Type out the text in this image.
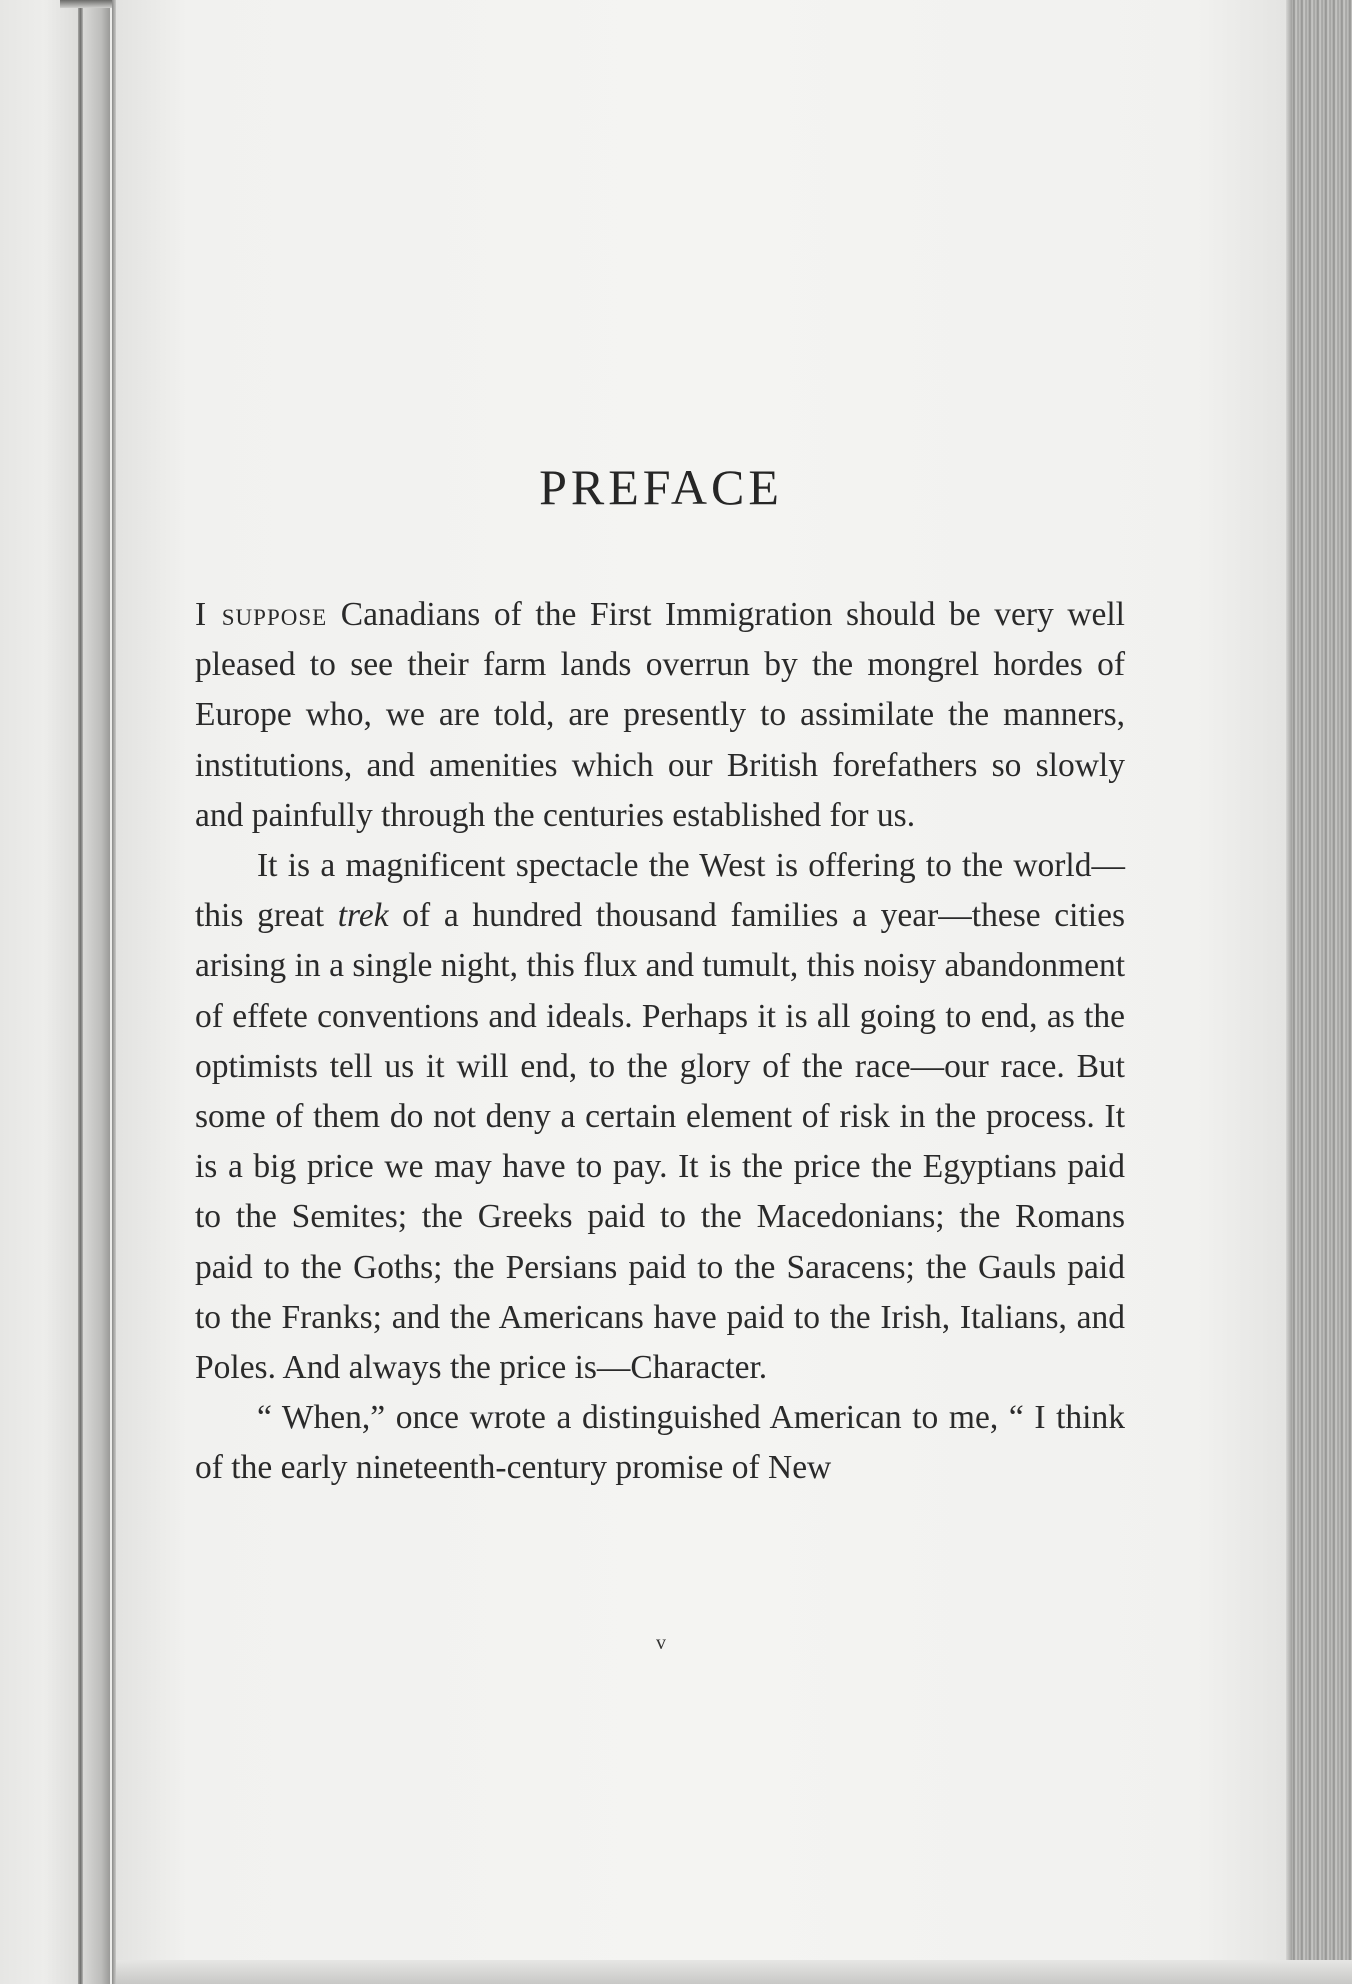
PREFACE

I suppose Canadians of the First Immigration should be very well pleased to see their farm lands overrun by the mongrel hordes of Europe who, we are told, are presently to assimilate the manners, institutions, and amenities which our British forefathers so slowly and painfully through the centuries established for us.

It is a magnificent spectacle the West is offering to the world—this great trek of a hundred thousand families a year—these cities arising in a single night, this flux and tumult, this noisy abandonment of effete conventions and ideals. Perhaps it is all going to end, as the optimists tell us it will end, to the glory of the race—our race. But some of them do not deny a certain element of risk in the process. It is a big price we may have to pay. It is the price the Egyptians paid to the Semites; the Greeks paid to the Macedonians; the Romans paid to the Goths; the Persians paid to the Saracens; the Gauls paid to the Franks; and the Americans have paid to the Irish, Italians, and Poles. And always the price is—Character.

“ When,” once wrote a distinguished American to me, “ I think of the early nineteenth-century promise of New

v
